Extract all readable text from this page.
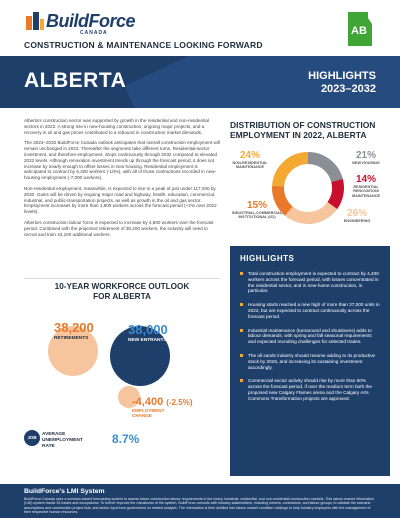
BuildForce
CANADA	AB
CONSTRUCTION & MAINTENANCE LOOKING FORWARD
ALBERTA	HIGHLIGHTS
2023–2032

Alberta's construction sector was supported by growth in the residential and non-residential sectors in 2022. A strong rise in new-housing construction, ongoing major projects, and a recovery in oil and gas prices contributed to a rebound in construction market demands.

The 2023–2032 BuildForce Canada outlook anticipates that overall construction employment will remain unchanged in 2023. Thereafter the segments take different turns. Residential-sector investment, and therefore employment, drops continuously through 2032 compared to elevated 2022 levels. Although renovation investment trends up through the forecast period, it does not increase by nearly enough to offset losses in new housing. Residential employment is anticipated to contract by 6,300 workers (-10%), with all of those contractions recorded in new-housing employment (-7,000 workers).

Non-residential employment, meanwhile, is expected to rise to a peak of just under 117,000 by 2030. Gains will be driven by ongoing major road and highway, health, education, commercial, industrial, and public-transportation projects, as well as growth in the oil and gas sector. Employment increases by more than 1,800 workers across the forecast period (+2% over 2022 levels).

Alberta's construction labour force is expected to increase by 4,900 workers over the forecast period. Combined with the projected retirement of 38,200 workers, the industry will need to recruit and train 43,100 additional workers.

DISTRIBUTION OF CONSTRUCTION EMPLOYMENT IN 2022, ALBERTA
24%
NON-RESIDENTIAL MAINTENANCE
21%
NEW HOUSING
14%
RESIDENTIAL RENOVATION/ MAINTENANCE
26%
ENGINEERING
15%
INDUSTRIAL,COMMERCIAL, INSTITUTIONAL (ICI)
HIGHLIGHTS
Total construction employment is expected to contract by 4,400 workers across the forecast period, with losses concentrated in the residential sector, and in new-home construction, in particular.
Housing starts reached a new high of more than 37,000 units in 2022, but are expected to contract continuously across the forecast period.
Industrial maintenance (turnaround and shutdowns) adds to labour demands, with spring and fall seasonal requirements and expected recruiting challenges for selected trades.
The oil sands industry should resume adding to its productive stock by 2026, and increasing its sustaining investment accordingly.
Commercial sector activity should rise by more than 50% across the forecast period, if over the medium term both the proposed new Calgary Flames arena and the Calgary Arts Commons Transformation projects are approved.
10-YEAR WORKFORCE OUTLOOK
FOR ALBERTA
38,200
RETIREMENTS
38,000
NEW ENTRANTS
-4,400 (-2.5%)
EMPLOYMENT
CHANGE
JOB
AVERAGE
UNEMPLOYMENT
RATE
8.7%
BuildForce's LMI System

BuildForce Canada uses a scenario-based forecasting system to assess future construction labour requirements in the heavy industrial, residential, and non-residential construction markets. This labour market information (LMI) system tracks 34 trades and occupations. To further improve the robustness of the system, BuildForce consults with industry stakeholders, including owners, contractors, and labour groups, to validate the scenario assumptions and construction project lists, and seeks input from government on related analysis. The information is then distilled into labour market condition rankings to help industry employers with the management of their respective human resources.
